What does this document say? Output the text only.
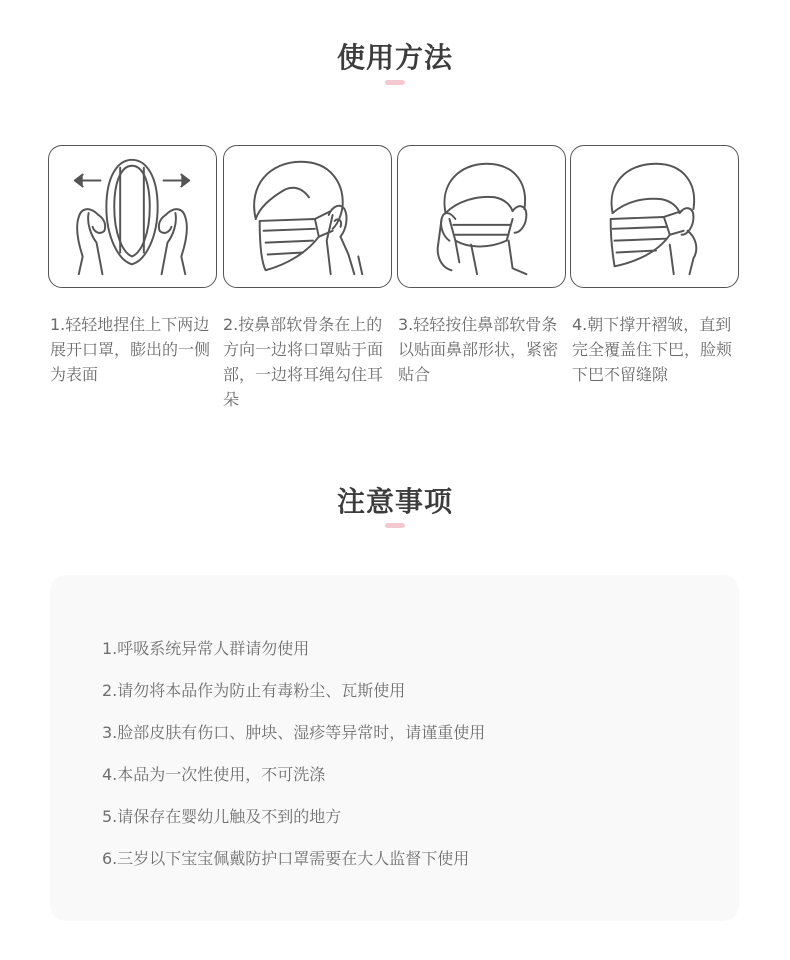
使用方法
1.轻轻地捏住上下两边展开口罩，膨出的一侧为表面
2.按鼻部软骨条在上的方向一边将口罩贴于面部，一边将耳绳勾住耳朵
3.轻轻按住鼻部软骨条以贴面鼻部形状，紧密贴合
4.朝下撑开褶皱，直到完全覆盖住下巴，脸颊下巴不留缝隙
注意事项
1.呼吸系统异常人群请勿使用
2.请勿将本品作为防止有毒粉尘、瓦斯使用
3.脸部皮肤有伤口、肿块、湿疹等异常时，请谨重使用
4.本品为一次性使用，不可洗涤
5.请保存在婴幼儿触及不到的地方
6.三岁以下宝宝佩戴防护口罩需要在大人监督下使用
